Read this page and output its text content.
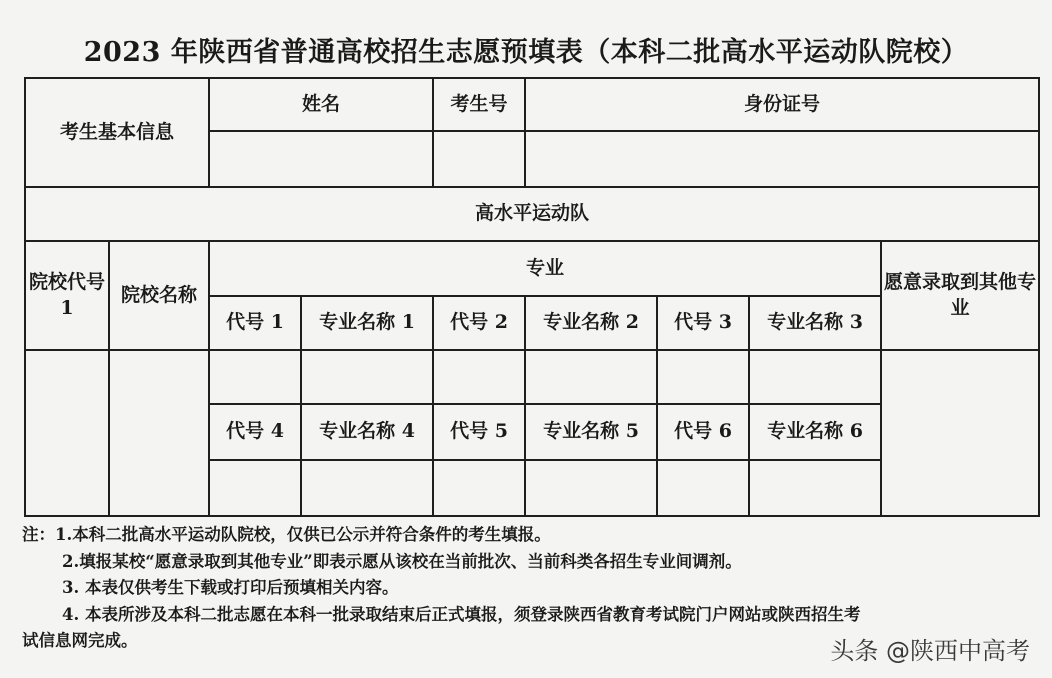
2023 年陕西省普通高校招生志愿预填表（本科二批高水平运动队院校）
考生基本信息		姓名		考生号	身份证号			

高水平运动队								
院校代号 1	院校名称	专业						愿意录取到其他专业
		代号 1	专业名称 1	代号 2	专业名称 2	代号 3	专业名称 3	

		代号 4	专业名称 4	代号 5	专业名称 5	代号 6	专业名称 6	

注：1.本科二批高水平运动队院校，仅供已公示并符合条件的考生填报。
2.填报某校“愿意录取到其他专业”即表示愿从该校在当前批次、当前科类各招生专业间调剂。
3. 本表仅供考生下载或打印后预填相关内容。
4. 本表所涉及本科二批志愿在本科一批录取结束后正式填报，须登录陕西省教育考试院门户网站或陕西招生考
试信息网完成。	头条 @陕西中高考
